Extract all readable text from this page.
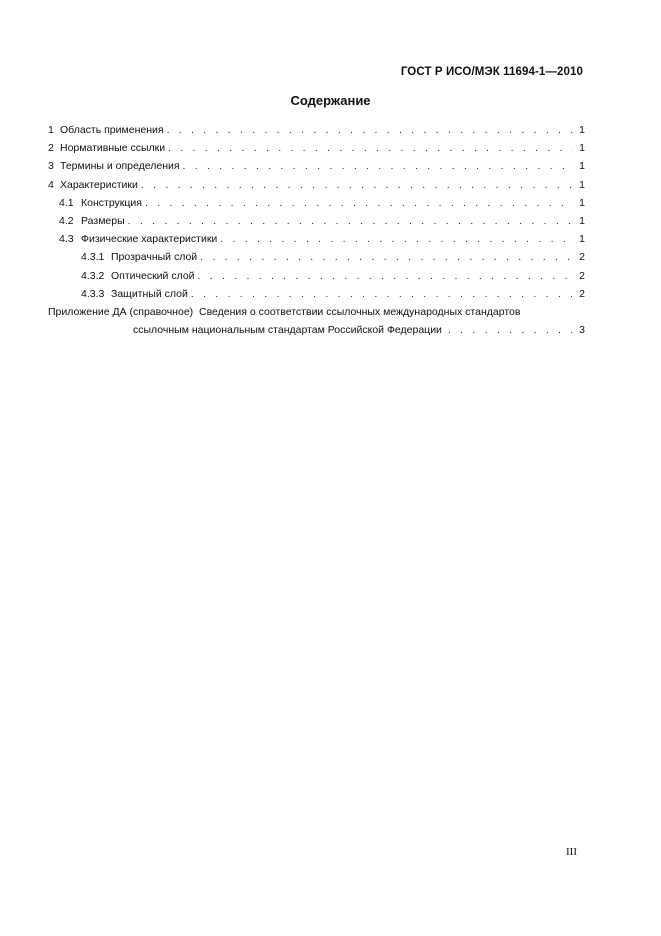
ГОСТ Р ИСО/МЭК 11694-1—2010
Содержание
1 Область применения . . .	1
2 Нормативные ссылки . . .	1
3 Термины и определения . . .	1
4 Характеристики . . .	1
4.1 Конструкция . . .	1
4.2 Размеры . . .	1
4.3 Физические характеристики . . .	1
4.3.1 Прозрачный слой . . .	2
4.3.2 Оптический слой . . .	2
4.3.3 Защитный слой . . .	2
Приложение ДА (справочное) Сведения о соответствии ссылочных международных стандартов
ссылочным национальным стандартам Российской Федерации . . .	3
III
